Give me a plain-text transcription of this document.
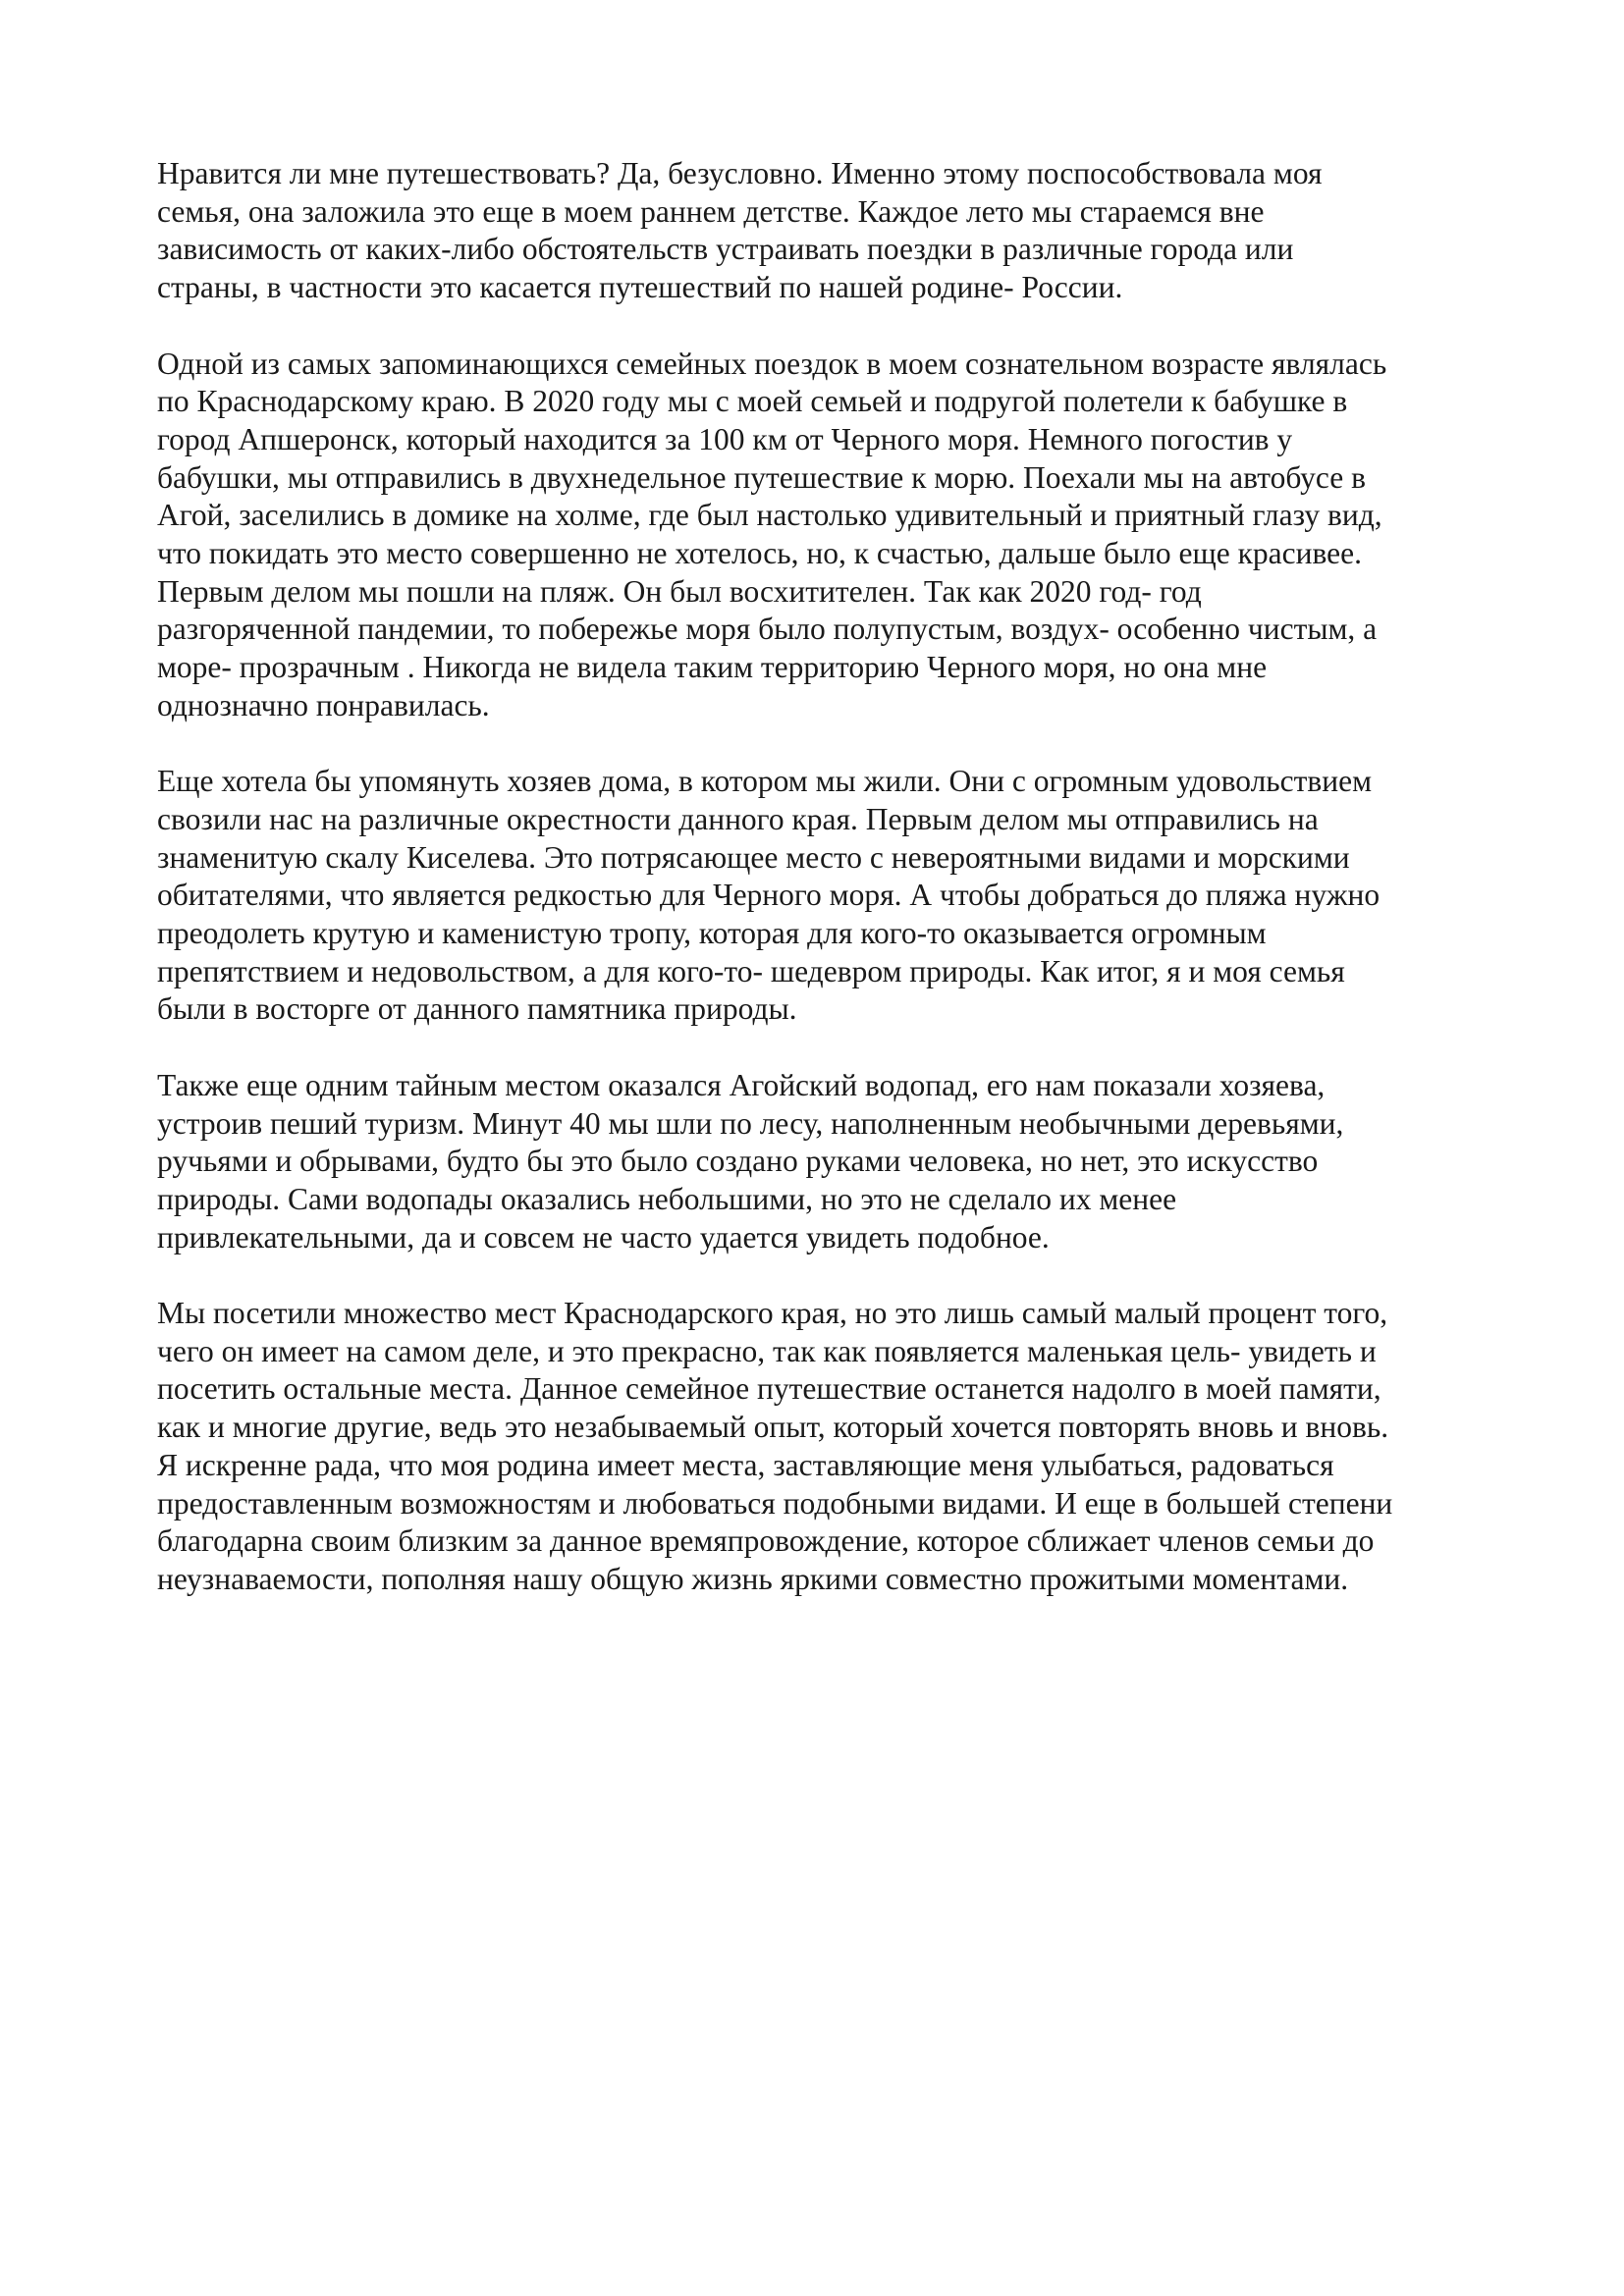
Нравится ли мне путешествовать? Да, безусловно. Именно этому поспособствовала моя
семья, она заложила это еще в моем раннем детстве. Каждое лето мы стараемся вне
зависимость от каких-либо обстоятельств устраивать поездки в различные города или
страны, в частности это касается путешествий по нашей родине- России.

Одной из самых запоминающихся семейных поездок в моем сознательном возрасте являлась
по Краснодарскому краю. В 2020 году мы с моей семьей и подругой полетели к бабушке в
город Апшеронск, который находится за 100 км от Черного моря. Немного погостив у
бабушки, мы отправились в двухнедельное путешествие к морю. Поехали мы на автобусе в
Агой, заселились в домике на холме, где был настолько удивительный и приятный глазу вид,
что покидать это место совершенно не хотелось, но, к счастью, дальше было еще красивее.
Первым делом мы пошли на пляж. Он был восхитителен. Так как 2020 год- год
разгоряченной пандемии, то побережье моря было полупустым, воздух- особенно чистым, а
море- прозрачным . Никогда не видела таким территорию Черного моря, но она мне
однозначно понравилась.

Еще хотела бы упомянуть хозяев дома, в котором мы жили. Они с огромным удовольствием
свозили нас на различные окрестности данного края. Первым делом мы отправились на
знаменитую скалу Киселева. Это потрясающее место с невероятными видами и морскими
обитателями, что является редкостью для Черного моря. А чтобы добраться до пляжа нужно
преодолеть крутую и каменистую тропу, которая для кого-то оказывается огромным
препятствием и недовольством, а для кого-то- шедевром природы. Как итог, я и моя семья
были в восторге от данного памятника природы.

Также еще одним тайным местом оказался Агойский водопад, его нам показали хозяева,
устроив пеший туризм. Минут 40 мы шли по лесу, наполненным необычными деревьями,
ручьями и обрывами, будто бы это было создано руками человека, но нет, это искусство
природы. Сами водопады оказались небольшими, но это не сделало их менее
привлекательными, да и совсем не часто удается увидеть подобное.

Мы посетили множество мест Краснодарского края, но это лишь самый малый процент того,
чего он имеет на самом деле, и это прекрасно, так как появляется маленькая цель- увидеть и
посетить остальные места. Данное семейное путешествие останется надолго в моей памяти,
как и многие другие, ведь это незабываемый опыт, который хочется повторять вновь и вновь.
Я искренне рада, что моя родина имеет места, заставляющие меня улыбаться, радоваться
предоставленным возможностям и любоваться подобными видами. И еще в большей степени
благодарна своим близким за данное времяпровождение, которое сближает членов семьи до
неузнаваемости, пополняя нашу общую жизнь яркими совместно прожитыми моментами.
